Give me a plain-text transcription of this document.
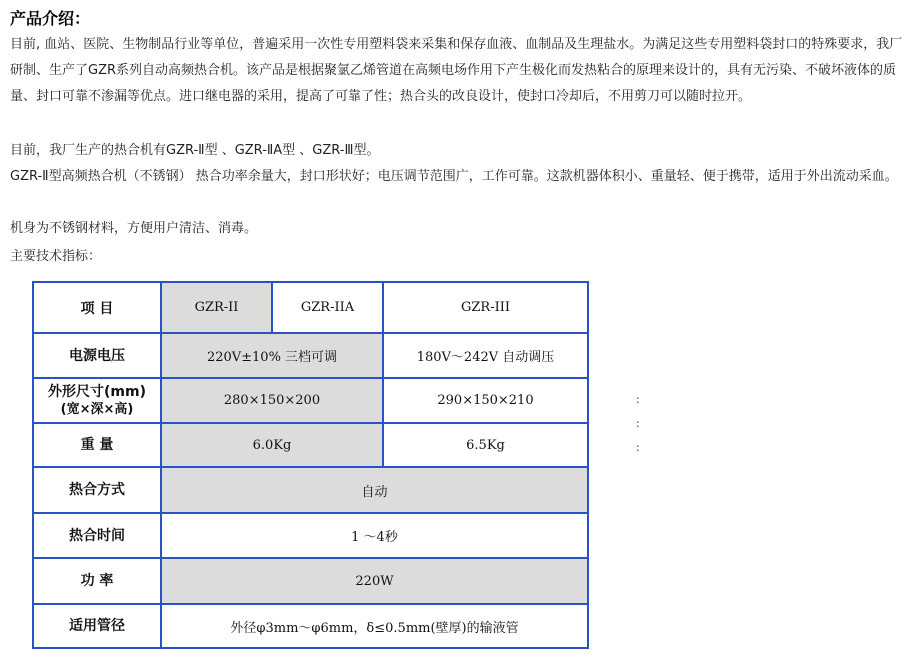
产品介绍：

目前, 血站、医院、生物制品行业等单位，普遍采用一次性专用塑料袋来采集和保存血液、血制品及生理盐水。为满足这些专用塑料袋封口的特殊要求，我厂研制、生产了GZR系列自动高频热合机。该产品是根据聚氯乙烯管道在高频电场作用下产生极化而发热粘合的原理来设计的，具有无污染、不破坏液体的质量、封口可靠不渗漏等优点。进口继电器的采用，提高了可靠了性；热合头的改良设计，使封口冷却后，不用剪刀可以随时拉开。

目前，我厂生产的热合机有GZR-Ⅱ型 、GZR-ⅡA型 、GZR-Ⅲ型。

GZR-Ⅱ型高频热合机（不锈钢） 热合功率余量大，封口形状好；电压调节范围广，工作可靠。这款机器体积小、重量轻、便于携带，适用于外出流动采血。

机身为不锈钢材料，方便用户清洁、消毒。

主要技术指标：

:

:

:
项 目	GZR-II	GZR-IIA	GZR-III
电源电压	220V±10% 三档可调		180V～242V 自动调压
外形尺寸(mm)
(宽×深×高)	280×150×200		290×150×210
重 量	6.0Kg		6.5Kg
热合方式	自动		
热合时间	1 ～4秒		
功 率	220W		
适用管径	外径φ3mm～φ6mm，δ≤0.5mm(壁厚)的输液管		
